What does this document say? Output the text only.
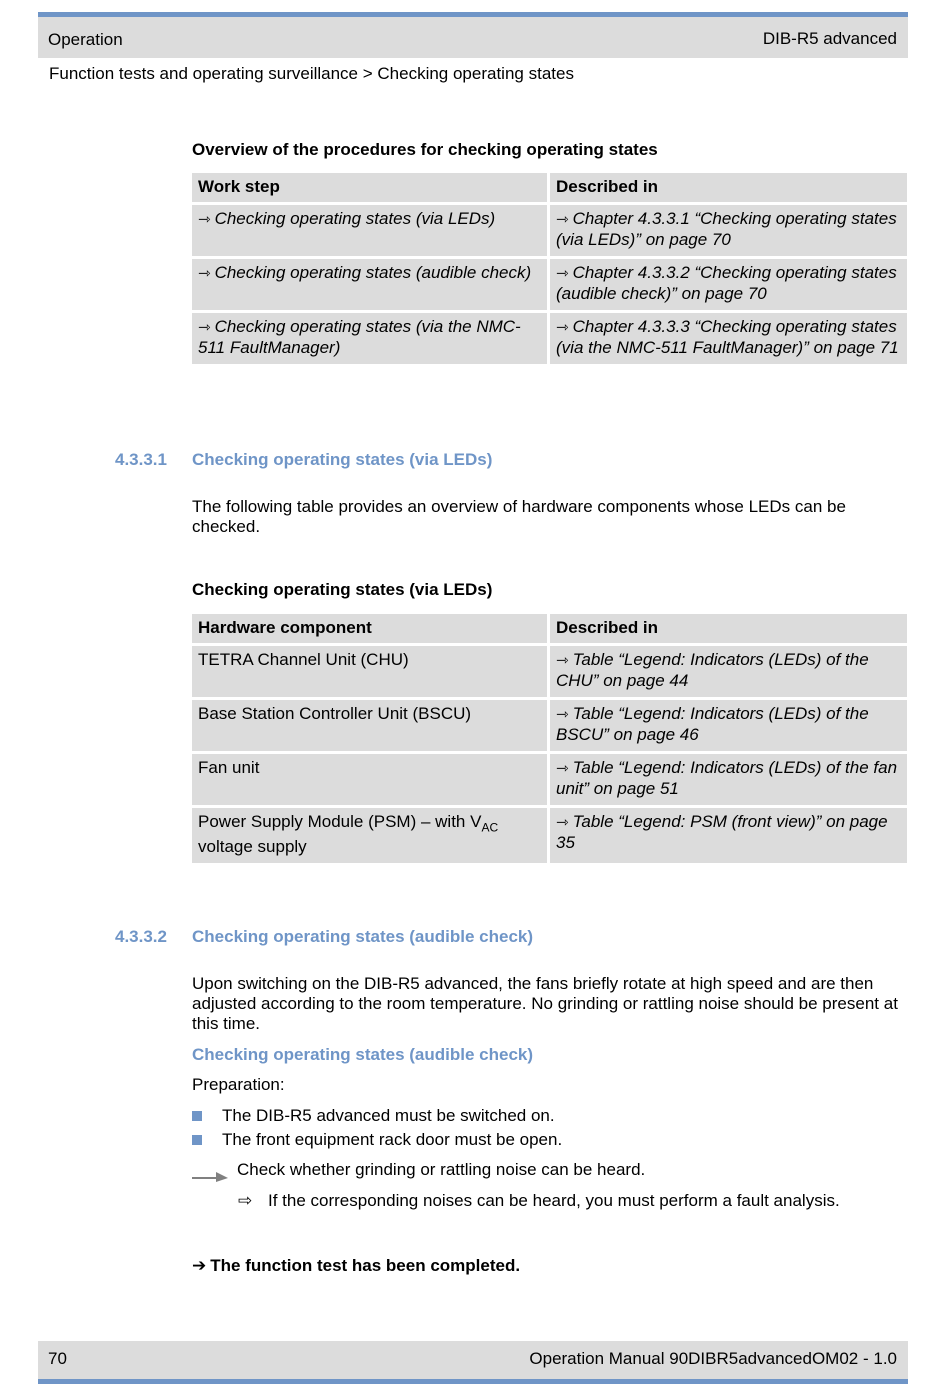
Operation	DIB-R5 advanced
Function tests and operating surveillance > Checking operating states
Overview of the procedures for checking operating states
Work step	Described in
⇾ Checking operating states (via LEDs)	⇾ Chapter 4.3.3.1 “Checking operating states (via LEDs)” on page 70
⇾ Checking operating states (audible check)	⇾ Chapter 4.3.3.2 “Checking operating states (audible check)” on page 70
⇾ Checking operating states (via the NMC-511 FaultManager)	⇾ Chapter 4.3.3.3 “Checking operating states (via the NMC-511 FaultManager)” on page 71
4.3.3.1 Checking operating states (via LEDs)
The following table provides an overview of hardware components whose LEDs can be checked.
Checking operating states (via LEDs)
Hardware component	Described in
TETRA Channel Unit (CHU)	⇾ Table “Legend: Indicators (LEDs) of the CHU” on page 44
Base Station Controller Unit (BSCU)	⇾ Table “Legend: Indicators (LEDs) of the BSCU” on page 46
Fan unit	⇾ Table “Legend: Indicators (LEDs) of the fan unit” on page 51
Power Supply Module (PSM) – with $V_{AC}$
voltage supply	⇾ Table “Legend: PSM (front view)” on page 35
4.3.3.2 Checking operating states (audible check)
Upon switching on the DIB-R5 advanced, the fans briefly rotate at high speed and are then adjusted according to the room temperature. No grinding or rattling noise should be present at this time.
Checking operating states (audible check)
Preparation:
The DIB-R5 advanced must be switched on.
The front equipment rack door must be open.
Check whether grinding or rattling noise can be heard.
⇨ If the corresponding noises can be heard, you must perform a fault analysis.
➔ The function test has been completed.
70	Operation Manual 90DIBR5advancedOM02 - 1.0
